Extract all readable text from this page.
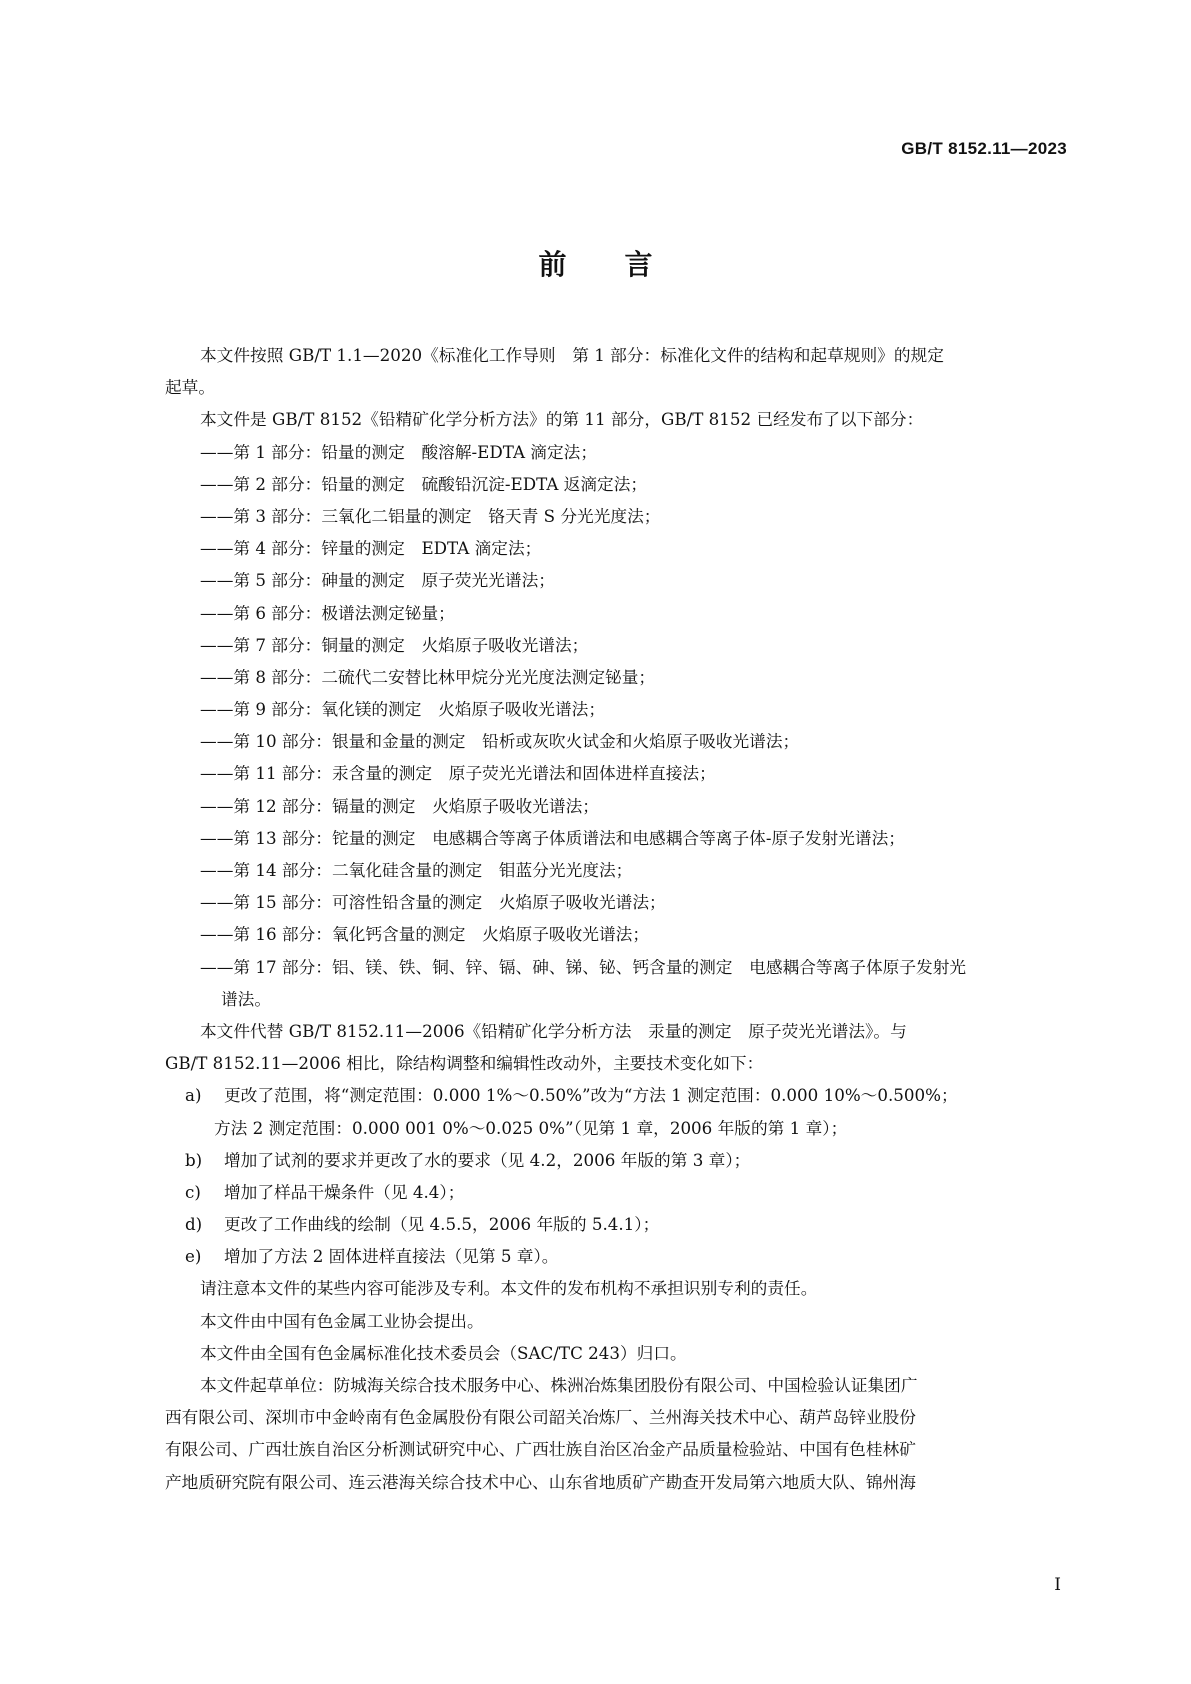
GB/T 8152.11—2023
前言
本文件按照 GB/T 1.1—2020《标准化工作导则　第 1 部分：标准化文件的结构和起草规则》的规定
起草。
本文件是 GB/T 8152《铅精矿化学分析方法》的第 11 部分，GB/T 8152 已经发布了以下部分：
——第 1 部分：铅量的测定　酸溶解-EDTA 滴定法；
——第 2 部分：铅量的测定　硫酸铅沉淀-EDTA 返滴定法；
——第 3 部分：三氧化二铝量的测定　铬天青 S 分光光度法；
——第 4 部分：锌量的测定　EDTA 滴定法；
——第 5 部分：砷量的测定　原子荧光光谱法；
——第 6 部分：极谱法测定铋量；
——第 7 部分：铜量的测定　火焰原子吸收光谱法；
——第 8 部分：二硫代二安替比林甲烷分光光度法测定铋量；
——第 9 部分：氧化镁的测定　火焰原子吸收光谱法；
——第 10 部分：银量和金量的测定　铅析或灰吹火试金和火焰原子吸收光谱法；
——第 11 部分：汞含量的测定　原子荧光光谱法和固体进样直接法；
——第 12 部分：镉量的测定　火焰原子吸收光谱法；
——第 13 部分：铊量的测定　电感耦合等离子体质谱法和电感耦合等离子体-原子发射光谱法；
——第 14 部分：二氧化硅含量的测定　钼蓝分光光度法；
——第 15 部分：可溶性铅含量的测定　火焰原子吸收光谱法；
——第 16 部分：氧化钙含量的测定　火焰原子吸收光谱法；
——第 17 部分：铝、镁、铁、铜、锌、镉、砷、锑、铋、钙含量的测定　电感耦合等离子体原子发射光
谱法。
本文件代替 GB/T 8152.11—2006《铅精矿化学分析方法　汞量的测定　原子荧光光谱法》。与
GB/T 8152.11—2006 相比，除结构调整和编辑性改动外，主要技术变化如下：
a) 更改了范围，将“测定范围：0.000 1%～0.50%”改为“方法 1 测定范围：0.000 10%～0.500%；
方法 2 测定范围：0.000 001 0%～0.025 0%”（见第 1 章，2006 年版的第 1 章）；
b) 增加了试剂的要求并更改了水的要求（见 4.2，2006 年版的第 3 章）；
c) 增加了样品干燥条件（见 4.4）；
d) 更改了工作曲线的绘制（见 4.5.5，2006 年版的 5.4.1）；
e) 增加了方法 2 固体进样直接法（见第 5 章）。
请注意本文件的某些内容可能涉及专利。本文件的发布机构不承担识别专利的责任。
本文件由中国有色金属工业协会提出。
本文件由全国有色金属标准化技术委员会（SAC/TC 243）归口。
本文件起草单位：防城海关综合技术服务中心、株洲冶炼集团股份有限公司、中国检验认证集团广
西有限公司、深圳市中金岭南有色金属股份有限公司韶关冶炼厂、兰州海关技术中心、葫芦岛锌业股份
有限公司、广西壮族自治区分析测试研究中心、广西壮族自治区冶金产品质量检验站、中国有色桂林矿
产地质研究院有限公司、连云港海关综合技术中心、山东省地质矿产勘查开发局第六地质大队、锦州海
I
